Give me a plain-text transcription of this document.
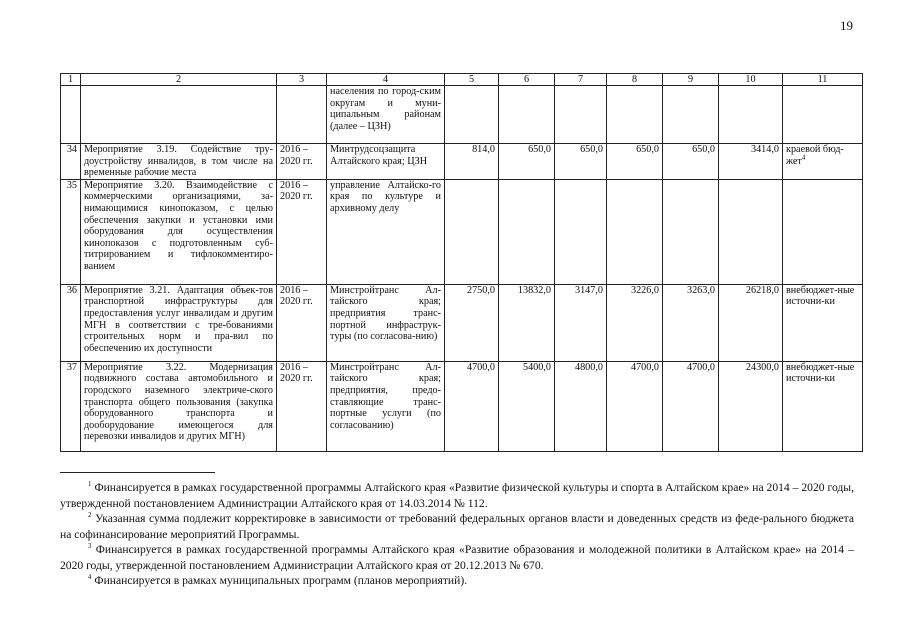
19
1	2	3	4	5	6	7	8	9	10	11
			населения по город-ским округам и муни-ципальным районам (далее – ЦЗН)							
34	Мероприятие 3.19. Содействие тру-доустройству инвалидов, в том числе на временные рабочие места	2016 – 2020 гг.	Минтрудсоцзащита Алтайского края; ЦЗН	814,0	650,0	650,0	650,0	650,0	3414,0	краевой бюд-жет$^4$
35	Мероприятие 3.20. Взаимодействие с коммерческими организациями, за-нимающимися кинопоказом, с целью обеспечения закупки и установки ими оборудования для осуществления кинопоказов с подготовленным суб-титрированием и тифлокомментиро-ванием	2016 – 2020 гг.	управление Алтайско-го края по культуре и архивному делу							
36	Мероприятие 3.21. Адаптация объек-тов транспортной инфраструктуры для предоставления услуг инвалидам и другим МГН в соответствии с тре-бованиями строительных норм и пра-вил по обеспечению их доступности	2016 – 2020 гг.	Минстройтранс Ал-тайского края; предприятия транс-портной инфраструк-туры (по согласова-нию)	2750,0	13832,0	3147,0	3226,0	3263,0	26218,0	внебюджет-ные источни-ки
37	Мероприятие 3.22. Модернизация подвижного состава автомобильного и городского наземного электриче-ского транспорта общего пользования (закупка оборудованного транспорта и дооборудование имеющегося для перевозки инвалидов и других МГН)	2016 – 2020 гг.	Минстройтранс Ал-тайского края; предприятия, предо-ставляющие транс-портные услуги (по согласованию)	4700,0	5400,0	4800,0	4700,0	4700,0	24300,0	внебюджет-ные источни-ки

$^1$ Финансируется в рамках государственной программы Алтайского края «Развитие физической культуры и спорта в Алтайском крае» на 2014 – 2020 годы, утвержденной постановлением Администрации Алтайского края от 14.03.2014 № 112.

$^2$ Указанная сумма подлежит корректировке в зависимости от требований федеральных органов власти и доведенных средств из феде-рального бюджета на софинансирование мероприятий Программы.

$^3$ Финансируется в рамках государственной программы Алтайского края «Развитие образования и молодежной политики в Алтайском крае» на 2014 – 2020 годы, утвержденной постановлением Администрации Алтайского края от 20.12.2013 № 670.

$^4$ Финансируется в рамках муниципальных программ (планов мероприятий).
